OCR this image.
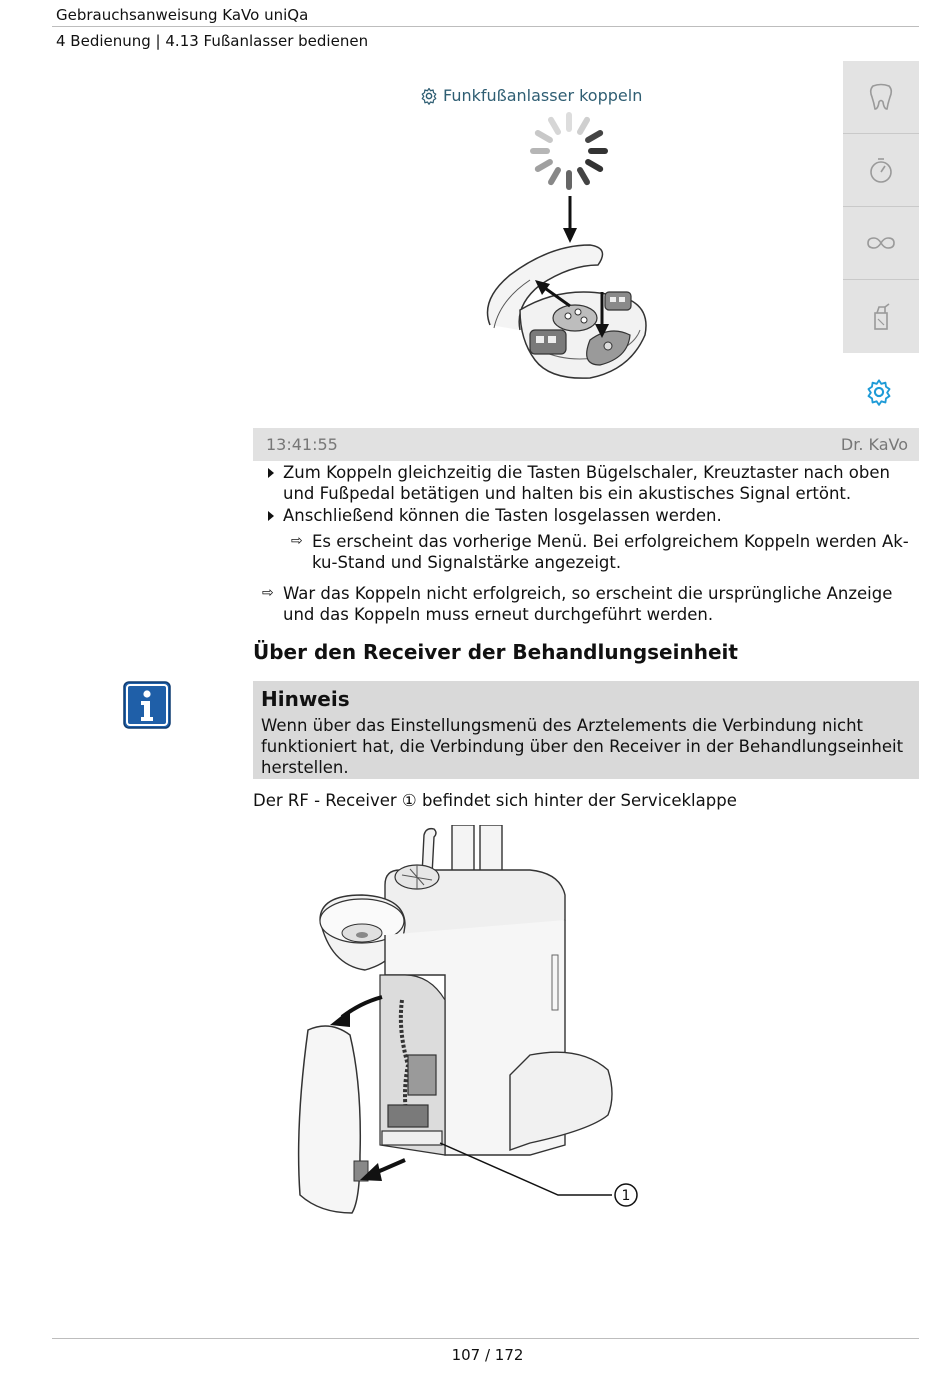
Gebrauchsanweisung KaVo uniQa
4 Bedienung | 4.13 Fußanlasser bedienen
Funkfußanlasser koppeln
13:41:55	Dr. KaVo
Zum Koppeln gleichzeitig die Tasten Bügelschaler, Kreuztaster nach oben
und Fußpedal betätigen und halten bis ein akustisches Signal ertönt.
Anschließend können die Tasten losgelassen werden.
⇨ Es erscheint das vorherige Menü. Bei erfolgreichem Koppeln werden Ak-
ku-Stand und Signalstärke angezeigt.
⇨ War das Koppeln nicht erfolgreich, so erscheint die ursprüngliche Anzeige
und das Koppeln muss erneut durchgeführt werden.
Über den Receiver der Behandlungseinheit
Hinweis
Wenn über das Einstellungsmenü des Arztelements die Verbindung nicht
funktioniert hat, die Verbindung über den Receiver in der Behandlungseinheit
herstellen.
Der RF - Receiver ① befindet sich hinter der Serviceklappe
1
107 / 172
